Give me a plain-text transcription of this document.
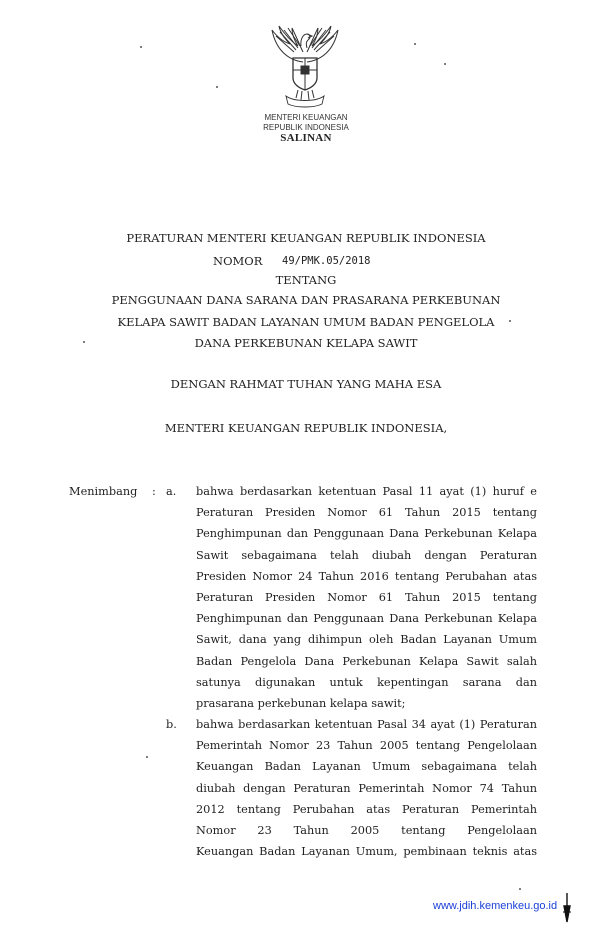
MENTERI KEUANGAN
REPUBLIK INDONESIA
SALINAN
PERATURAN MENTERI KEUANGAN REPUBLIK INDONESIA
NOMOR 49/PMK.05/2018
TENTANG
PENGGUNAAN DANA SARANA DAN PRASARANA PERKEBUNAN
KELAPA SAWIT BADAN LAYANAN UMUM BADAN PENGELOLA
DANA PERKEBUNAN KELAPA SAWIT
DENGAN RAHMAT TUHAN YANG MAHA ESA
MENTERI KEUANGAN REPUBLIK INDONESIA,
Menimbang : a. bahwa berdasarkan ketentuan Pasal 11 ayat (1) huruf e
Peraturan Presiden Nomor 61 Tahun 2015 tentang
Penghimpunan dan Penggunaan Dana Perkebunan Kelapa
Sawit sebagaimana telah diubah dengan Peraturan
Presiden Nomor 24 Tahun 2016 tentang Perubahan atas
Peraturan Presiden Nomor 61 Tahun 2015 tentang
Penghimpunan dan Penggunaan Dana Perkebunan Kelapa
Sawit, dana yang dihimpun oleh Badan Layanan Umum
Badan Pengelola Dana Perkebunan Kelapa Sawit salah
satunya digunakan untuk kepentingan sarana dan
prasarana perkebunan kelapa sawit;
b. bahwa berdasarkan ketentuan Pasal 34 ayat (1) Peraturan
Pemerintah Nomor 23 Tahun 2005 tentang Pengelolaan
Keuangan Badan Layanan Umum sebagaimana telah
diubah dengan Peraturan Pemerintah Nomor 74 Tahun
2012 tentang Perubahan atas Peraturan Pemerintah
Nomor 23 Tahun 2005 tentang Pengelolaan
Keuangan Badan Layanan Umum, pembinaan teknis atas
www.jdih.kemenkeu.go.id
